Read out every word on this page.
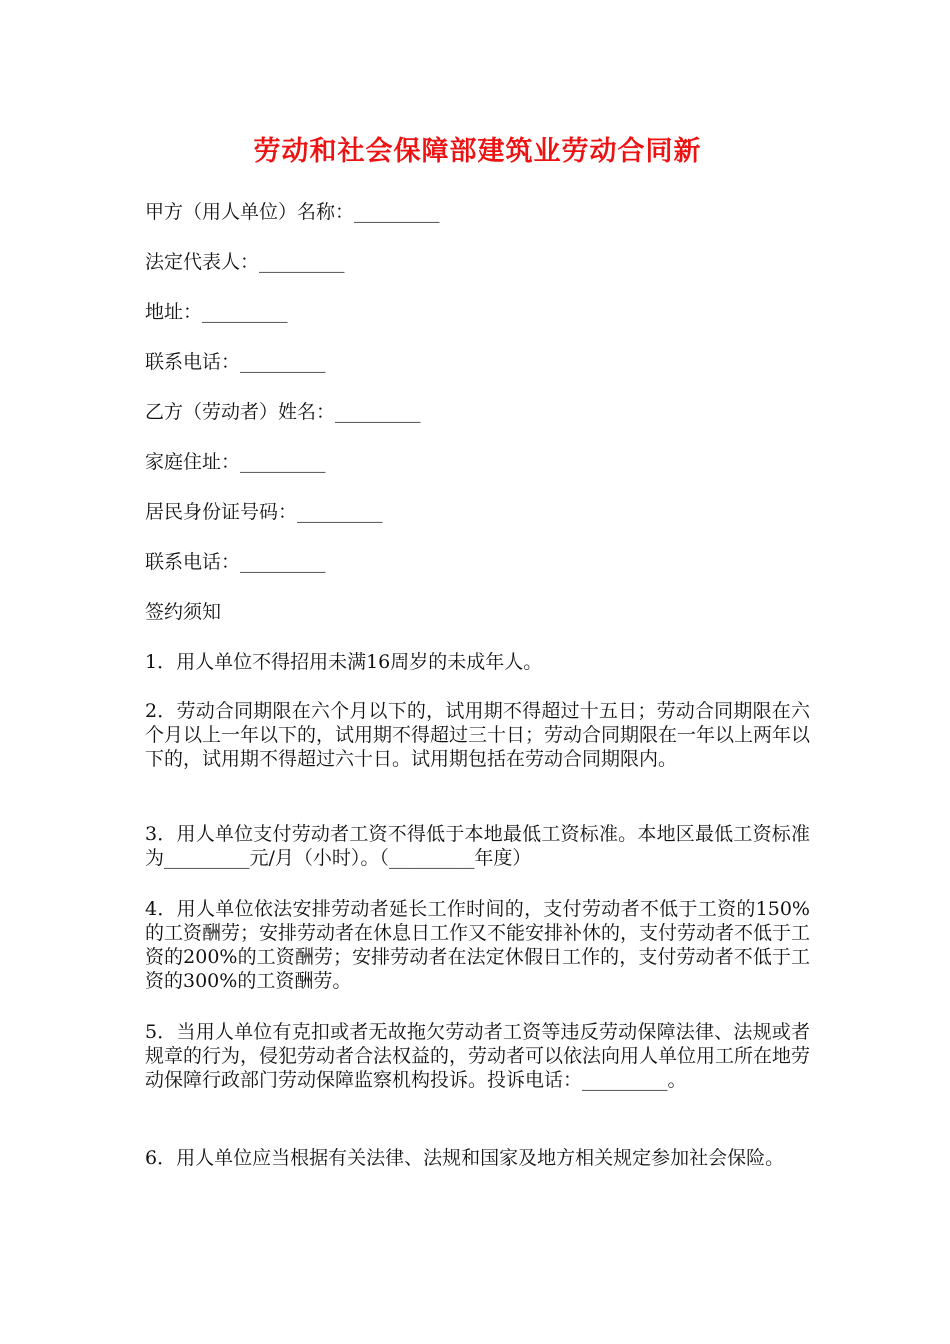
劳动和社会保障部建筑业劳动合同新
甲方（用人单位）名称：_________
法定代表人：_________
地址：_________
联系电话：_________
乙方（劳动者）姓名：_________
家庭住址：_________
居民身份证号码：_________
联系电话：_________
签约须知
1．用人单位不得招用未满16周岁的未成年人。
2．劳动合同期限在六个月以下的，试用期不得超过十五日；劳动合同期限在六个月以上一年以下的，试用期不得超过三十日；劳动合同期限在一年以上两年以下的，试用期不得超过六十日。试用期包括在劳动合同期限内。
3．用人单位支付劳动者工资不得低于本地最低工资标准。本地区最低工资标准为_________元/月（小时）。（_________年度）
4．用人单位依法安排劳动者延长工作时间的，支付劳动者不低于工资的150%的工资酬劳；安排劳动者在休息日工作又不能安排补休的，支付劳动者不低于工资的200%的工资酬劳；安排劳动者在法定休假日工作的，支付劳动者不低于工资的300%的工资酬劳。
5．当用人单位有克扣或者无故拖欠劳动者工资等违反劳动保障法律、法规或者规章的行为，侵犯劳动者合法权益的，劳动者可以依法向用人单位用工所在地劳动保障行政部门劳动保障监察机构投诉。投诉电话：_________。
6．用人单位应当根据有关法律、法规和国家及地方相关规定参加社会保险。
